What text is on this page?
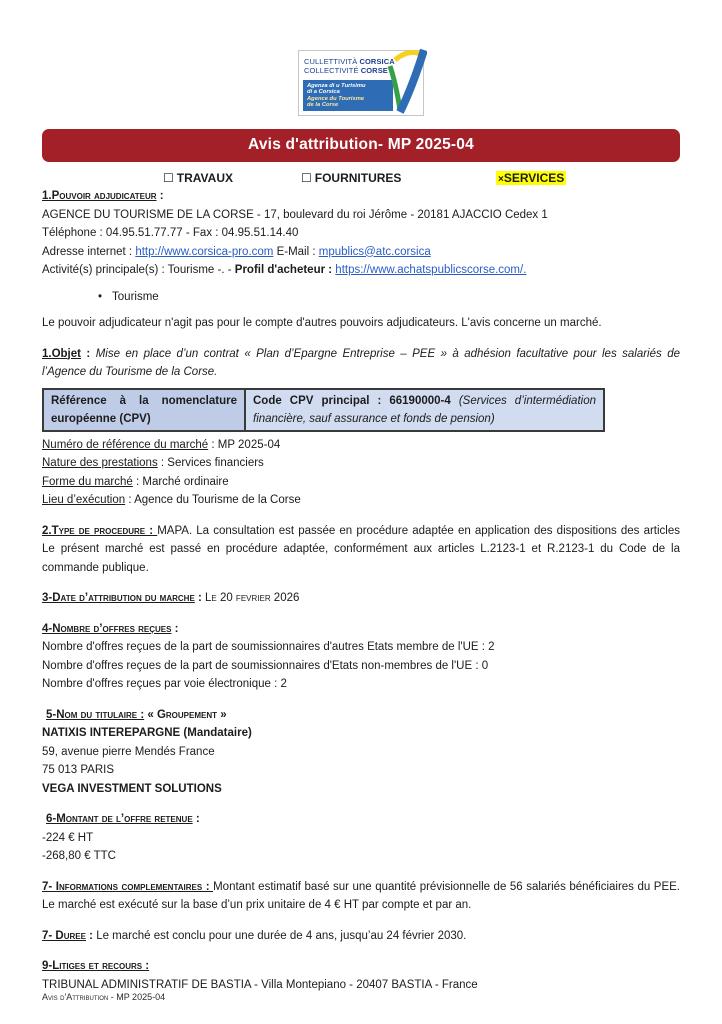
CULLETTIVITÀ CORSICA
COLLECTIVITÉ CORSE
Agenza di u Turisimu
di a Corsica
Agence du Tourisme
de la Corse
Avis d'attribution- MP 2025-04
☐ TRAVAUX	☐ FOURNITURES	×SERVICES
1.Pouvoir adjudicateur :
AGENCE DU TOURISME DE LA CORSE - 17, boulevard du roi Jérôme - 20181 AJACCIO Cedex 1
Téléphone : 04.95.51.77.77 - Fax : 04.95.51.14.40
Adresse internet : http://www.corsica-pro.com E-Mail : mpublics@atc.corsica
Activité(s) principale(s) : Tourisme -. - Profil d'acheteur : https://www.achatspublicscorse.com/.
• Tourisme
Le pouvoir adjudicateur n'agit pas pour le compte d'autres pouvoirs adjudicateurs. L'avis concerne un marché.
1.Objet : Mise en place d’un contrat « Plan d’Epargne Entreprise – PEE » à adhésion facultative pour les salariés de l’Agence du Tourisme de la Corse.
Référence à la nomenclature européenne (CPV)
Code CPV principal : 66190000-4 (Services d’intermédiation financière, sauf assurance et fonds de pension)
Numéro de référence du marché : MP 2025-04
Nature des prestations : Services financiers
Forme du marché : Marché ordinaire
Lieu d’exécution : Agence du Tourisme de la Corse
2.Type de procedure : MAPA. La consultation est passée en procédure adaptée en application des dispositions des articles Le présent marché est passé en procédure adaptée, conformément aux articles L.2123-1 et R.2123-1 du Code de la commande publique.
3-Date d’attribution du marche : Le 20 fevrier 2026
4-Nombre d’offres reçues :
Nombre d'offres reçues de la part de soumissionnaires d'autres Etats membre de l'UE : 2
Nombre d'offres reçues de la part de soumissionnaires d'Etats non-membres de l'UE : 0
Nombre d'offres reçues par voie électronique : 2
5-Nom du titulaire : « Groupement »
NATIXIS INTEREPARGNE (Mandataire)
59, avenue pierre Mendés France
75 013 PARIS
VEGA INVESTMENT SOLUTIONS
6-Montant de l’offre retenue :
-224 € HT
-268,80 € TTC
7- Informations complementaires : Montant estimatif basé sur une quantité prévisionnelle de 56 salariés bénéficiaires du PEE. Le marché est exécuté sur la base d’un prix unitaire de 4 € HT par compte et par an.
7- Duree : Le marché est conclu pour une durée de 4 ans, jusqu’au 24 février 2030.
9-Litiges et recours :
TRIBUNAL ADMINISTRATIF DE BASTIA - Villa Montepiano - 20407 BASTIA - France
Avis d'Attribution - MP 2025-04
